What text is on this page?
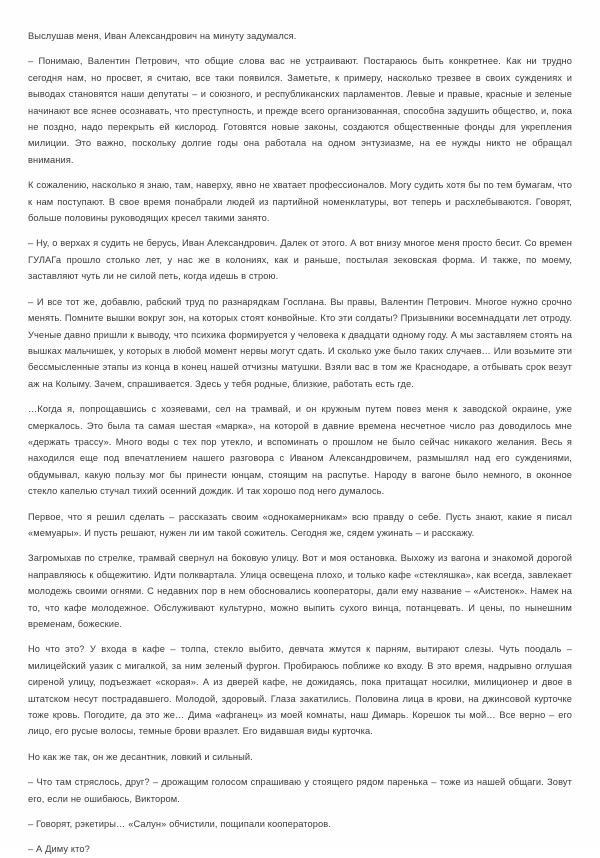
Выслушав меня, Иван Александрович на минуту задумался.

– Понимаю, Валентин Петрович, что общие слова вас не устраивают. Постараюсь быть конкретнее. Как ни трудно сегодня нам, но просвет, я считаю, все таки появился. Заметьте, к примеру, насколько трезвее в своих суждениях и выводах становятся наши депутаты – и союзного, и республиканских парламентов. Левые и правые, красные и зеленые начинают все яснее осознавать, что преступность, и прежде всего организованная, способна задушить общество, и, пока не поздно, надо перекрыть ей кислород. Готовятся новые законы, создаются общественные фонды для укрепления милиции. Это важно, поскольку долгие годы она работала на одном энтузиазме, на ее нужды никто не обращал внимания.

К сожалению, насколько я знаю, там, наверху, явно не хватает профессионалов. Могу судить хотя бы по тем бумагам, что к нам поступают. В свое время понабрали людей из партийной номенклатуры, вот теперь и расхлебываются. Говорят, больше половины руководящих кресел такими занято.

– Ну, о верхах я судить не берусь, Иван Александрович. Далек от этого. А вот внизу многое меня просто бесит. Со времен ГУЛАГа прошло столько лет, у нас же в колониях, как и раньше, постылая зековская форма. И также, по моему, заставляют чуть ли не силой петь, когда идешь в строю.

– И все тот же, добавлю, рабский труд по разнарядкам Госплана. Вы правы, Валентин Петрович. Многое нужно срочно менять. Помните вышки вокруг зон, на которых стоят конвойные. Кто эти солдаты? Призывники восемнадцати лет отроду. Ученые давно пришли к выводу, что психика формируется у человека к двадцати одному году. А мы заставляем стоять на вышках мальчишек, у которых в любой момент нервы могут сдать. И сколько уже было таких случаев… Или возьмите эти бессмысленные этапы из конца в конец нашей отчизны матушки. Взяли вас в том же Краснодаре, а отбывать срок везут аж на Колыму. Зачем, спрашивается. Здесь у тебя родные, близкие, работать есть где.

…Когда я, попрощавшись с хозяевами, сел на трамвай, и он кружным путем повез меня к заводской окраине, уже смеркалось. Это была та самая шестая «марка», на которой в давние времена несчетное число раз доводилось мне «держать трассу». Много воды с тех пор утекло, и вспоминать о прошлом не было сейчас никакого желания. Весь я находился еще под впечатлением нашего разговора с Иваном Александровичем, размышлял над его суждениями, обдумывал, какую пользу мог бы принести юнцам, стоящим на распутье. Народу в вагоне было немного, в оконное стекло капелью стучал тихий осенний дождик. И так хорошо под него думалось.

Первое, что я решил сделать – рассказать своим «однокамерникам» всю правду о себе. Пусть знают, какие я писал «мемуары». И пусть решают, нужен ли им такой сожитель. Сегодня же, сядем ужинать – и расскажу.

Загромыхав по стрелке, трамвай свернул на боковую улицу. Вот и моя остановка. Выхожу из вагона и знакомой дорогой направляюсь к общежитию. Идти полквартала. Улица освещена плохо, и только кафе «стекляшка», как всегда, завлекает молодежь своими огнями. С недавних пор в нем обосновались кооператоры, дали ему название – «Аистенок». Намек на то, что кафе молодежное. Обслуживают культурно, можно выпить сухого винца, потанцевать. И цены, по нынешним временам, божеские.

Но что это? У входа в кафе – толпа, стекло выбито, девчата жмутся к парням, вытирают слезы. Чуть поодаль – милицейский уазик с мигалкой, за ним зеленый фургон. Пробираюсь поближе ко входу. В это время, надрывно оглушая сиреной улицу, подъезжает «скорая». А из дверей кафе, не дожидаясь, пока притащат носилки, милиционер и двое в штатском несут пострадавшего. Молодой, здоровый. Глаза закатились. Половина лица в крови, на джинсовой курточке тоже кровь. Погодите, да это же… Дима «афганец» из моей комнаты, наш Димарь. Корешок ты мой… Все верно – его лицо, его русые волосы, темные брови вразлет. Его видавшая виды курточка.

Но как же так, он же десантник, ловкий и сильный.

– Что там стряслось, друг? – дрожащим голосом спрашиваю у стоящего рядом паренька – тоже из нашей общаги. Зовут его, если не ошибаюсь, Виктором.

– Говорят, рэкетиры… «Салун» обчистили, пощипали кооператоров.

– А Диму кто?
